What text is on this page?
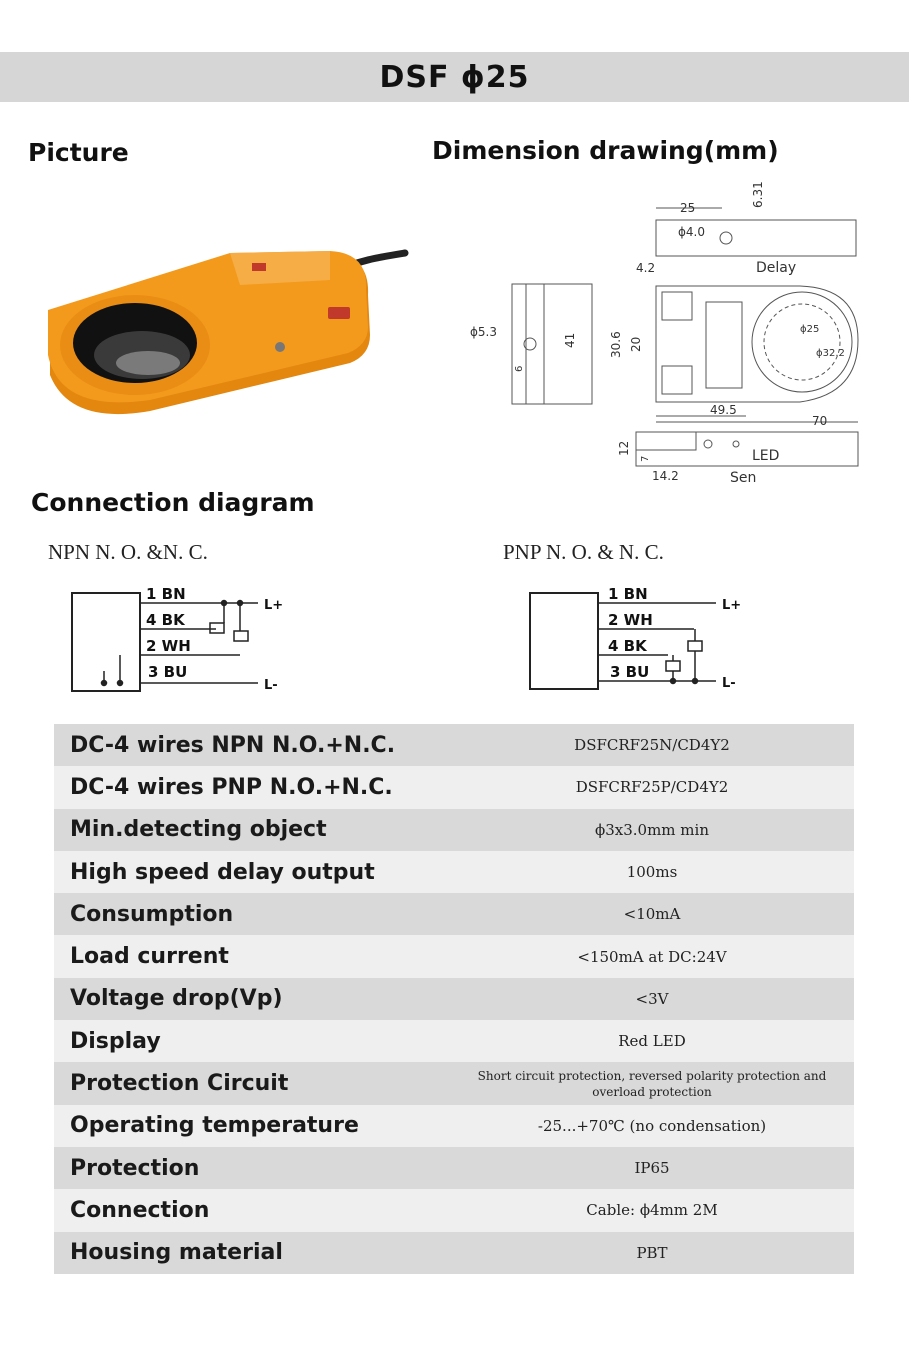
DSF ϕ25
Picture	Dimension drawing(mm)
25
ϕ4.0
6.31
4.2	Delay
ϕ5.3
41
6
30.6 20
ϕ25
ϕ32.2
49.5
70
12
7
14.2
LED
Sen
Connection diagram
NPN N. O. &N. C.	PNP N. O. & N. C.
1 BN
4 BK
2 WH
3 BU
L+
L-
1 BN
2 WH
4 BK
3 BU
L+
L-
DC-4 wires NPN N.O.+N.C.	DSFCRF25N/CD4Y2
DC-4 wires PNP N.O.+N.C.	DSFCRF25P/CD4Y2
Min.detecting object	ϕ3x3.0mm min
High speed delay output	100ms
Consumption	<10mA
Load current	<150mA at DC:24V
Voltage drop(Vp)	<3V
Display	Red LED
Protection Circuit	Short circuit protection, reversed polarity protection and overload protection
Operating temperature	-25...+70℃ (no condensation)
Protection	IP65
Connection	Cable: ϕ4mm 2M
Housing material	PBT
